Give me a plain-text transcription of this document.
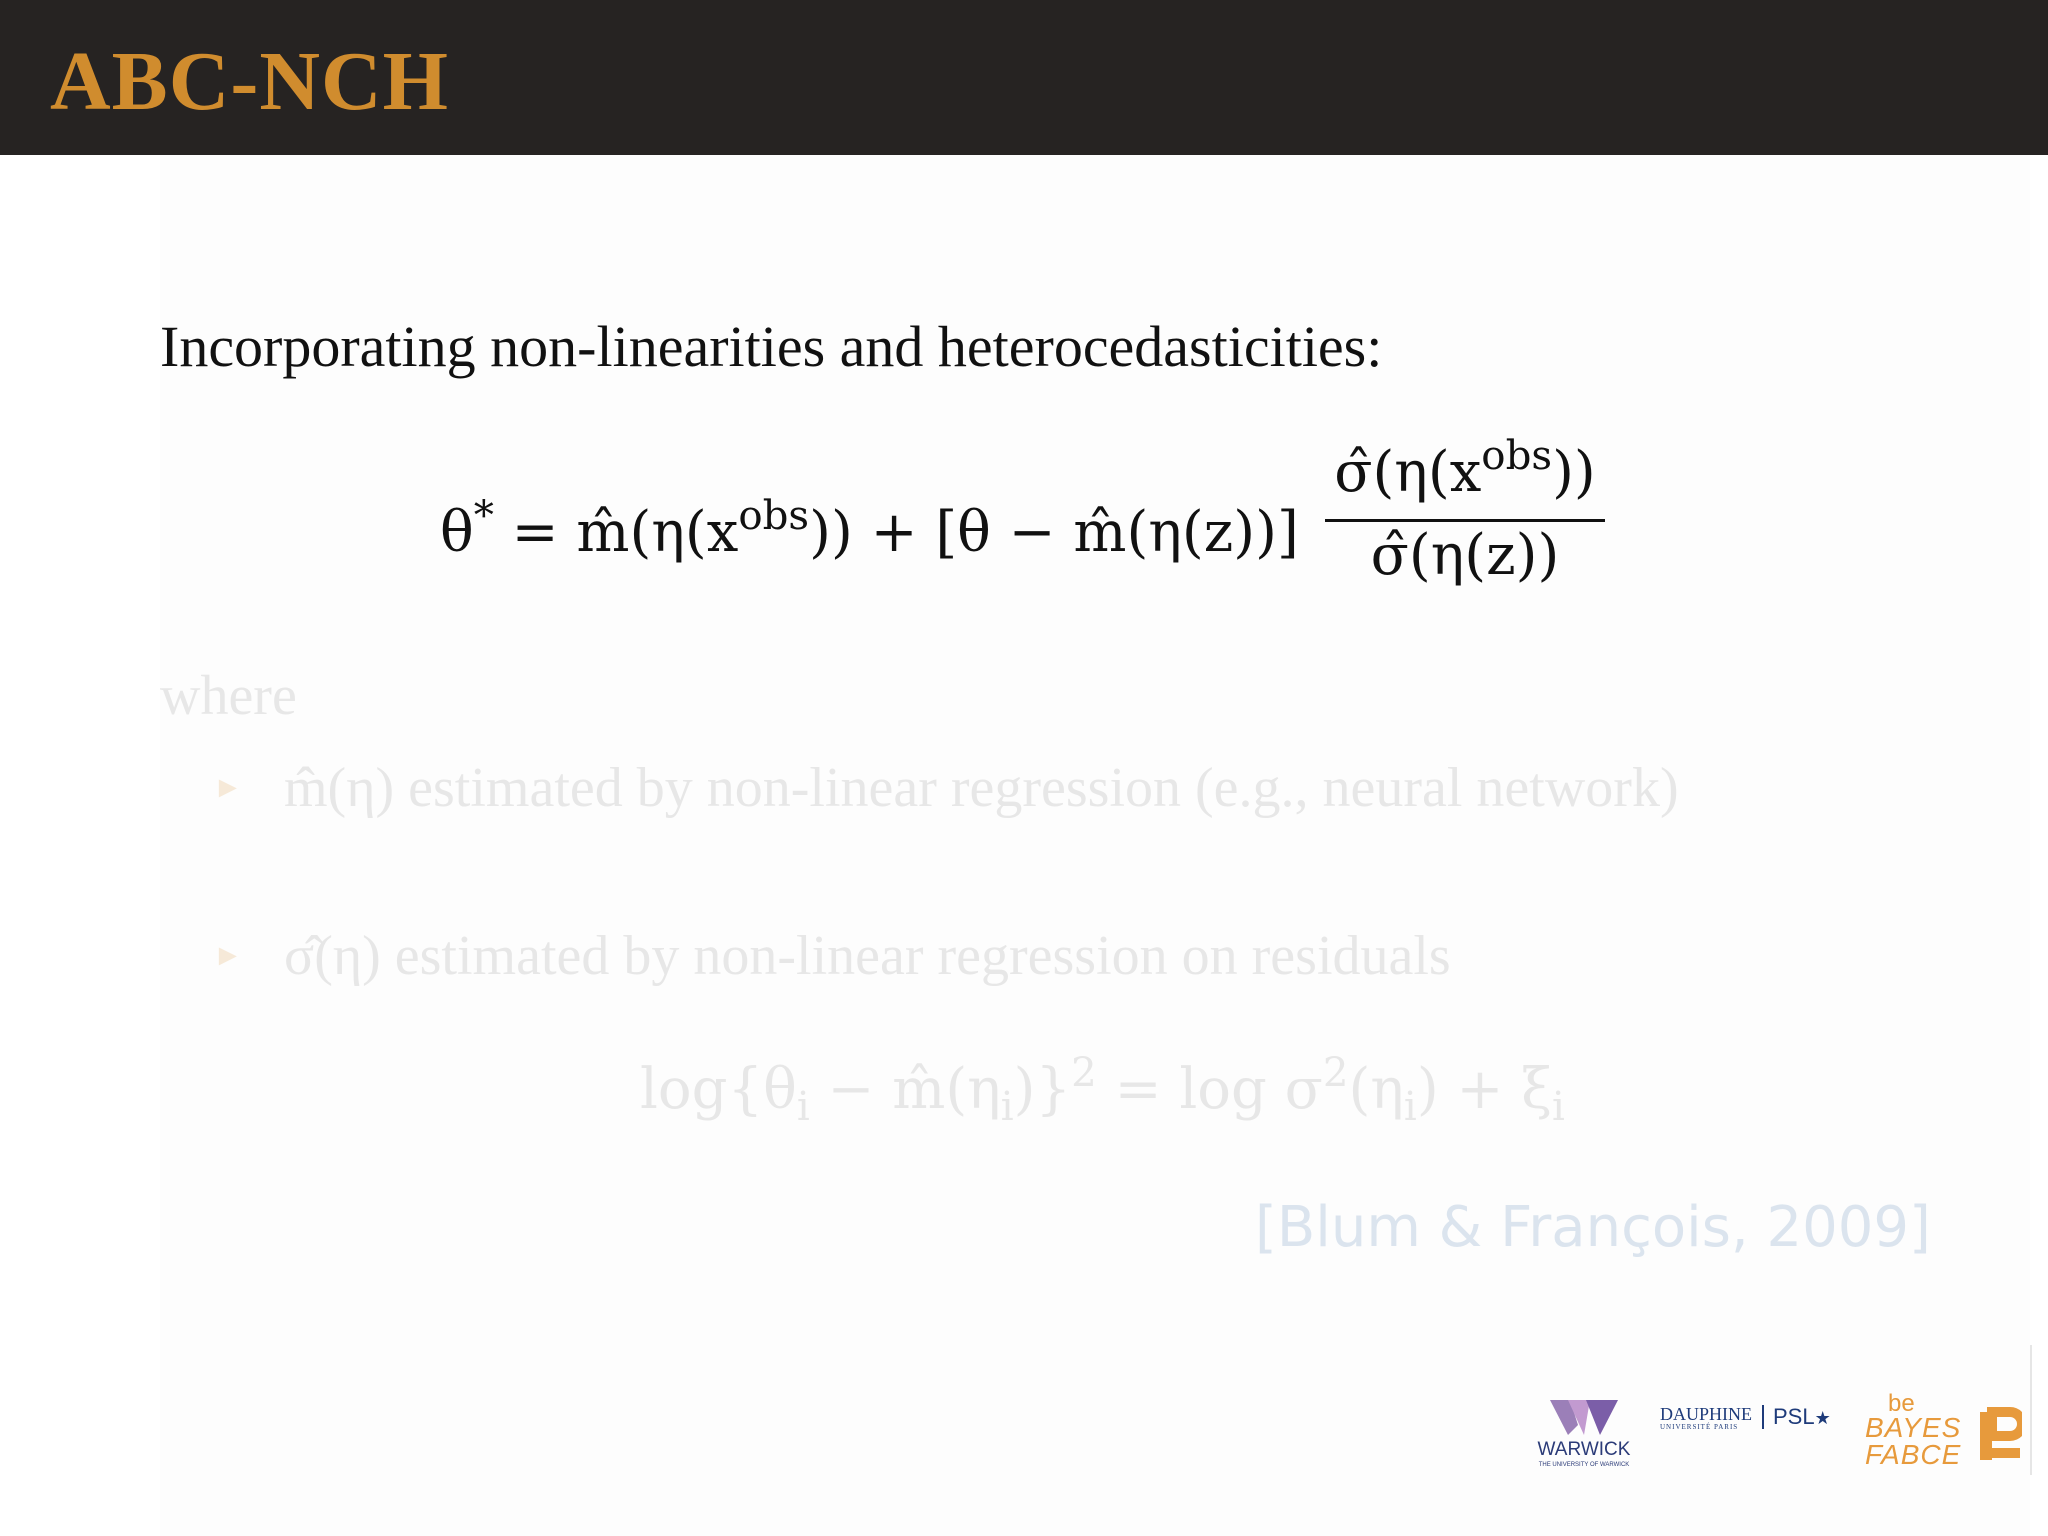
ABC-NCH
Incorporating non-linearities and heterocedasticities:
$\theta^* = m̂(\eta(x^{obs})) + [\theta$ − m̂(η(z))]
$\sigmâ(\eta(x^{obs}))$
σ̂(η(z))
where
► m̂(η) estimated by non-linear regression (e.g., neural network)
► σ̂(η) estimated by non-linear regression on residuals
$\log\{\theta_i$ − $m̂(\eta_i)\}^2 = \log \sigma^2(\eta_i) + \xi_i$
[Blum & François, 2009]
WARWICK
THE UNIVERSITY OF WARWICK
DAUPHINE
UNIVERSITÉ PARIS PSL★
be
BAYES
FABCE
